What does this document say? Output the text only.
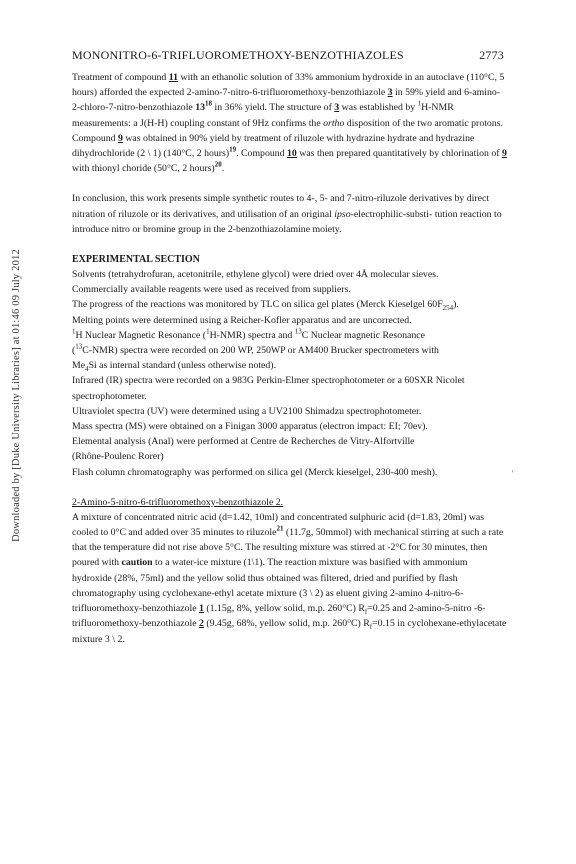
Downloaded by [Duke University Libraries] at 01:46 09 July 2012
MONONITRO-6-TRIFLUOROMETHOXY-BENZOTHIAZOLES	2773
'

Treatment of compound 11 with an ethanolic solution of 33% ammonium hydroxide in an autoclave (110°C, 5 hours) afforded the expected 2-amino-7-nitro-6-trifluoromethoxy-benzothiazole 3 in 59% yield and 6-amino-2-chloro-7-nitro-benzothiazole $13^{18}$ in 36% yield. The structure of 3 was established by $^1$H-NMR measurements: a J(H-H) coupling constant of 9Hz confirms the ortho disposition of the two aromatic protons.

Compound 9 was obtained in 90% yield by treatment of riluzole with hydrazine hydrate and hydrazine dihydrochloride (2 \ 1) (140°C, 2 hours)$^{19}$. Compound 10 was then prepared quantitatively by chlorination of 9 with thionyl choride (50°C, 2 hours)$^{20}$.

In conclusion, this work presents simple synthetic routes to 4-, 5- and 7-nitro-riluzole derivatives by direct nitration of riluzole or its derivatives, and utilisation of an original ipso-electrophilic-substi- tution reaction to introduce nitro or bromine group in the 2-benzothiazolamine moiety.

EXPERIMENTAL SECTION

Solvents (tetrahydrofuran, acetonitrile, ethylene glycol) were dried over 4Å molecular sieves.
Commercially available reagents were used as received from suppliers.
The progress of the reactions was monitored by TLC on silica gel plates (Merck Kieselgel $60F_{254}$).
Melting points were determined using a Reicher-Kofler apparatus and are uncorrected.
$^1$H Nuclear Magnetic Resonance ($^1$H-NMR) spectra and $^{13}$C Nuclear magnetic Resonance
($^{13}$C-NMR) spectra were recorded on 200 WP, 250WP or AM400 Brucker spectrometers with
$Me_4Si$ as internal standard (unless otherwise noted).
Infrared (IR) spectra were recorded on a 983G Perkin-Elmer spectrophotometer or a 60SXR Nicolet
spectrophotometer.
Ultraviolet spectra (UV) were determined using a UV2100 Shimadzu spectrophotometer.
Mass spectra (MS) were obtained on a Finigan 3000 apparatus (electron impact: EI; 70ev).
Elemental analysis (Anal) were performed at Centre de Recherches de Vitry-Alfortville
(Rhône-Poulenc Rorer)
Flash column chromatography was performed on silica gel (Merck kieselgel, 230-400 mesh).

2-Amino-5-nitro-6-trifluoromethoxy-benzothiazole 2.

A mixture of concentrated nitric acid (d=1.42, 10ml) and concentrated sulphuric acid (d=1.83, 20ml) was cooled to 0°C and added over 35 minutes to riluzole$^{21}$ (11.7g, 50mmol) with mechanical stirring at such a rate that the temperature did not rise above 5°C. The resulting mixture was stirred at -2°C for 30 minutes, then poured with caution to a water-ice mixture (1\1). The reaction mixture was basified with ammonium hydroxide (28%, 75ml) and the yellow solid thus obtained was filtered, dried and purified by flash chromatography using cyclohexane-ethyl acetate mixture (3 \ 2) as eluent giving 2-amino 4-nitro-6-trifluoromethoxy-benzothiazole 1 (1.15g, 8%, yellow solid, m.p. 260°C) $R_f=0.25$ and 2-amino-5-nitro -6-trifluoromethoxy-benzothiazole 2 (9.45g, 68%, yellow solid, m.p. 260°C) $R_f=0.15$ in cyclohexane-ethylacetate mixture 3 \ 2.
